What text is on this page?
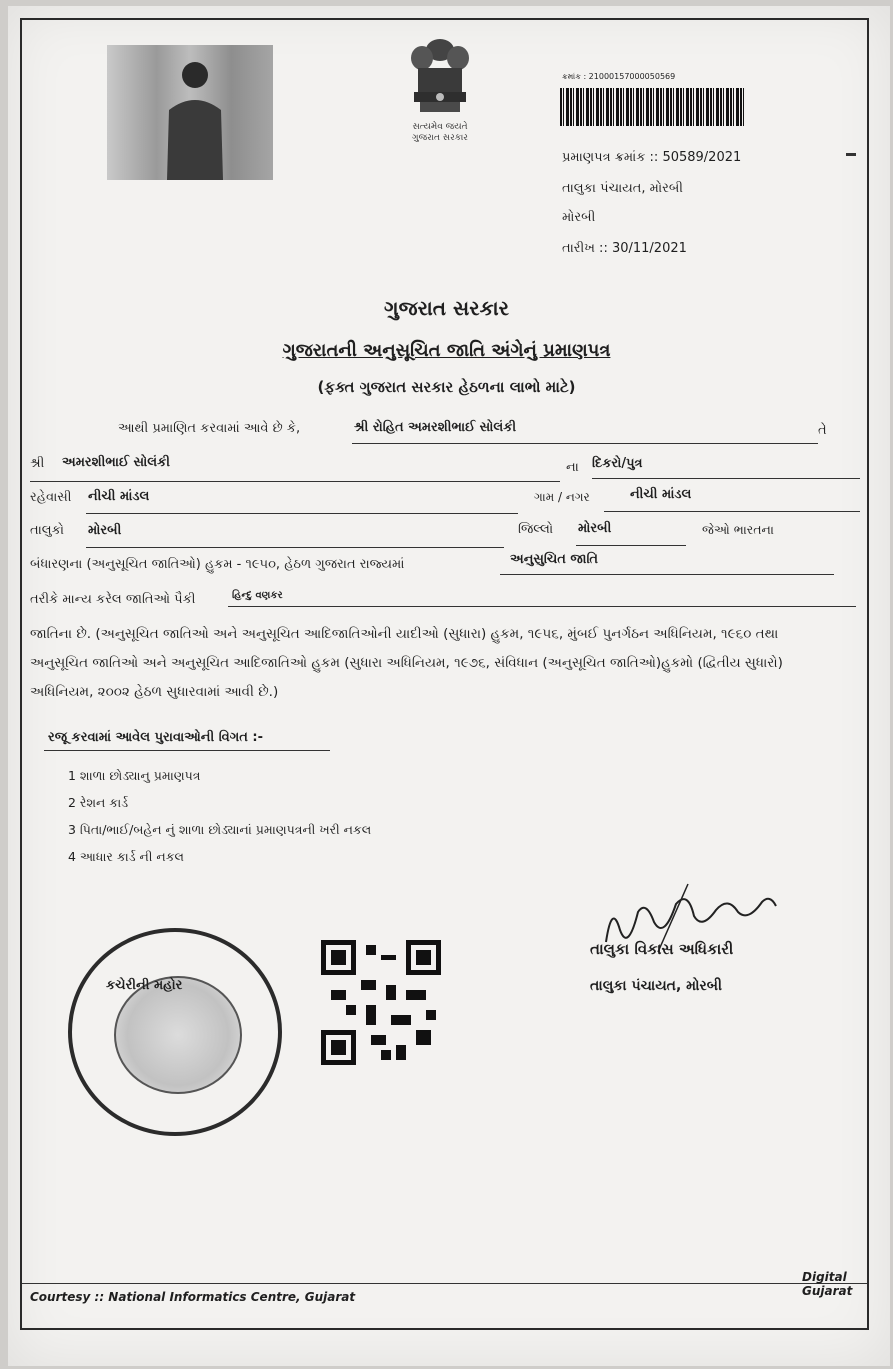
સત્યમેવ જયતે
ગુજરાત સરકાર
ક્રમાંક : 21000157000050569
પ્રમાણપત્ર ક્રમાંક :: 50589/2021
તાલુકા પંચાયત, મોરબી
મોરબી
તારીખ :: 30/11/2021
ગુજરાત સરકાર
ગુજરાતની અનુસૂચિત જાતિ અંગેનું પ્રમાણપત્ર
(ફક્ત ગુજરાત સરકાર હેઠળના લાભો માટે)
આથી પ્રમાણિત કરવામાં આવે છે કે,	શ્રી રોહિત અમરશીભાઈ સોલંકી	તે
શ્રી અમરશીભાઈ સોલંકી	ના દિકરો/પુત્ર
રહેવાસી નીચી માંડલ	ગામ / નગર	નીચી માંડલ
તાલુકો મોરબી	જિલ્લો મોરબી	જેઓ ભારતના
બંધારણના (અનુસૂચિત જાતિઓ) હુકમ - ૧૯૫૦, હેઠળ ગુજરાત રાજ્યમાં	અનુસુચિત જાતિ
તરીકે માન્ય કરેલ જાતિઓ પૈકી	હિન્દુ વણકર
જાતિના છે. (અનુસૂચિત જાતિઓ અને અનુસૂચિત આદિજાતિઓની યાદીઓ (સુધારા) હુકમ, ૧૯૫૬, મુંબઈ પુનર્ગઠન અધિનિયમ, ૧૯૬૦ તથા
અનુસૂચિત જાતિઓ અને અનુસૂચિત આદિજાતિઓ હુકમ (સુધારા અધિનિયમ, ૧૯૭૬, સંવિધાન (અનુસૂચિત જાતિઓ)હુકમો (દ્વિતીય સુધારો)
અધિનિયમ, ૨૦૦૨ હેઠળ સુધારવામાં આવી છે.)
રજૂ કરવામાં આવેલ પુરાવાઓની વિગત :-
1 શાળા છોડ્યાનુ પ્રમાણપત્ર
2 રેશન કાર્ડ
3 પિતા/ભાઈ/બહેન નું શાળા છોડ્યાનાં પ્રમાણપત્રની ખરી નકલ
4 આધાર કાર્ડ ની નકલ
કચેરીની મહોર
તાલુકા વિકાસ અધિકારી
તાલુકા પંચાયત, મોરબી
Courtesy :: National Informatics Centre, Gujarat
Digital Gujarat
